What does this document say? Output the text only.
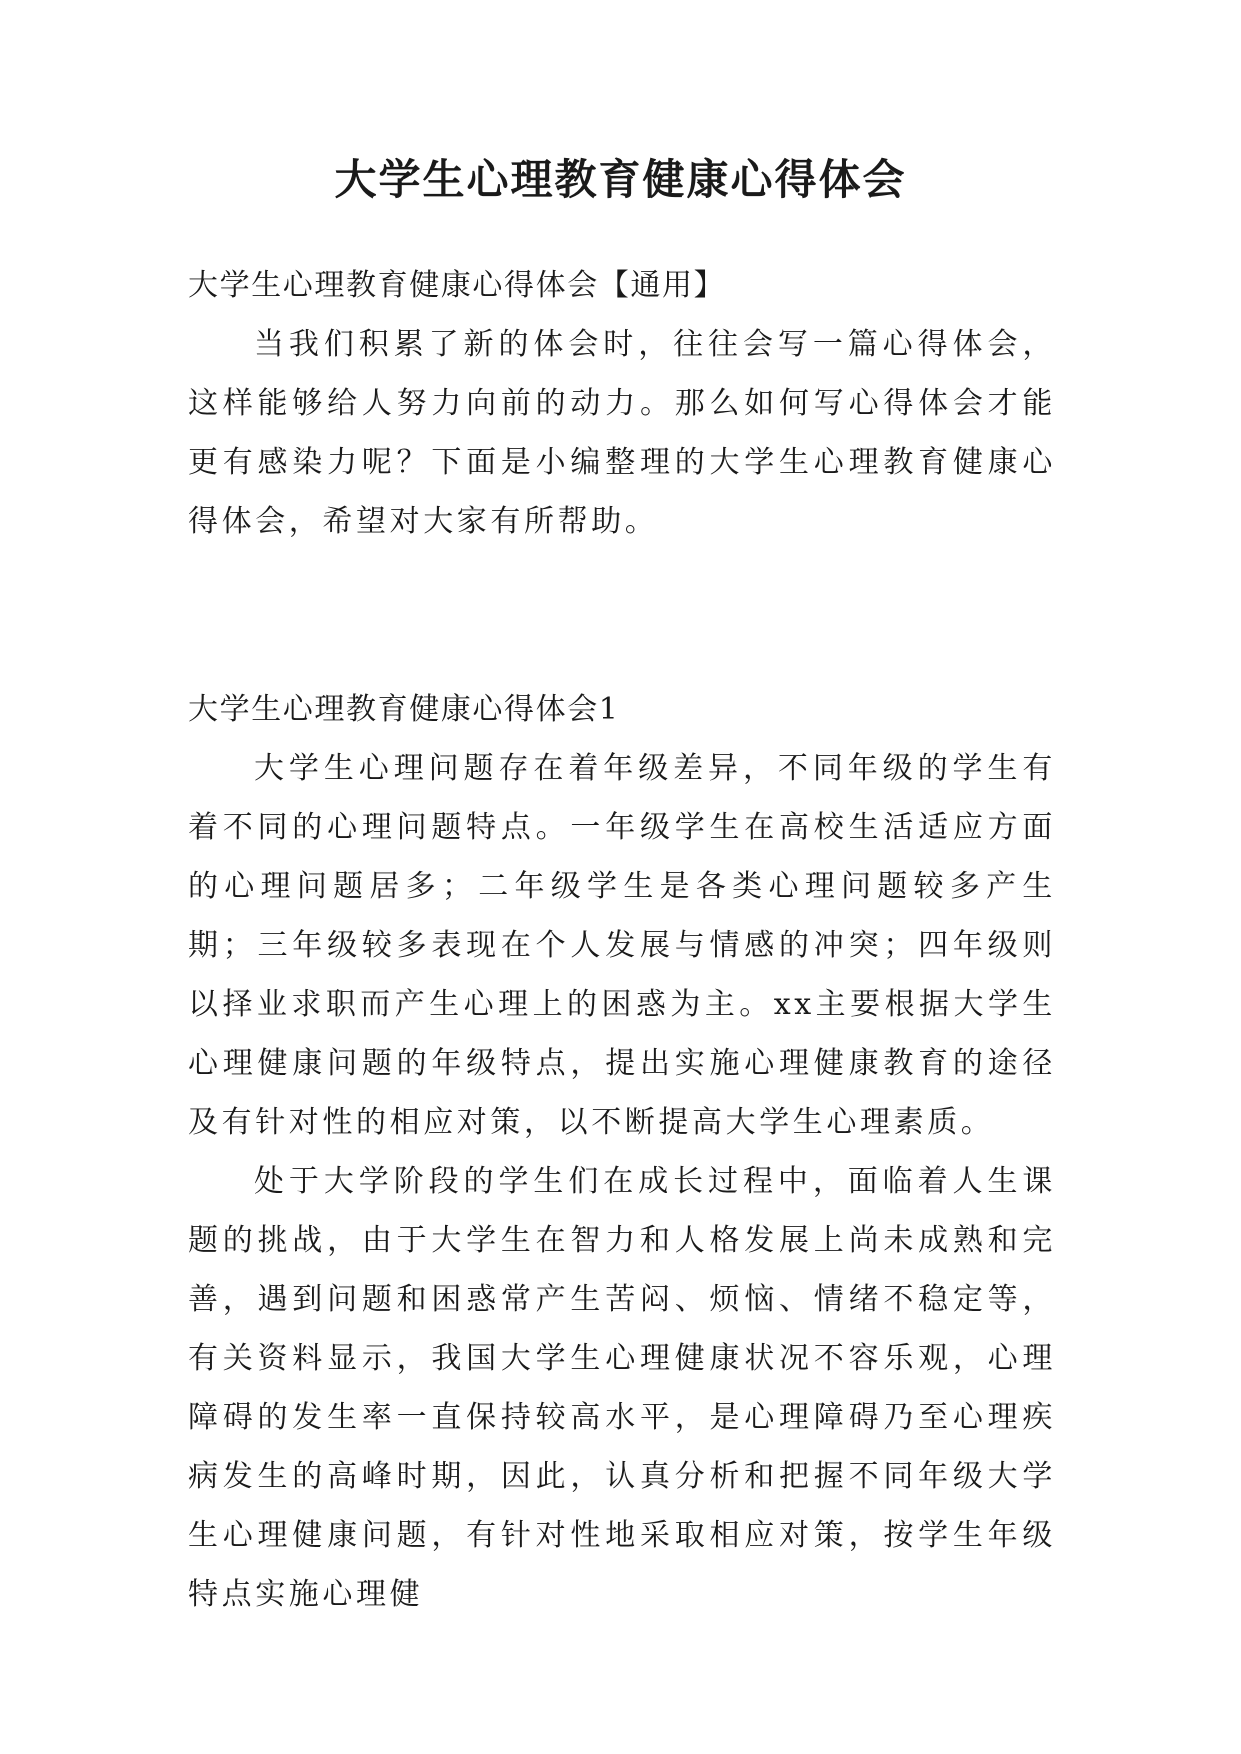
大学生心理教育健康心得体会

大学生心理教育健康心得体会【通用】

当我们积累了新的体会时，往往会写一篇心得体会，这样能够给人努力向前的动力。那么如何写心得体会才能更有感染力呢？下面是小编整理的大学生心理教育健康心得体会，希望对大家有所帮助。

大学生心理教育健康心得体会1

大学生心理问题存在着年级差异，不同年级的学生有着不同的心理问题特点。一年级学生在高校生活适应方面的心理问题居多；二年级学生是各类心理问题较多产生期；三年级较多表现在个人发展与情感的冲突；四年级则以择业求职而产生心理上的困惑为主。xx主要根据大学生心理健康问题的年级特点，提出实施心理健康教育的途径及有针对性的相应对策，以不断提高大学生心理素质。

处于大学阶段的学生们在成长过程中，面临着人生课题的挑战，由于大学生在智力和人格发展上尚未成熟和完善，遇到问题和困惑常产生苦闷、烦恼、情绪不稳定等，有关资料显示，我国大学生心理健康状况不容乐观，心理障碍的发生率一直保持较高水平，是心理障碍乃至心理疾病发生的高峰时期，因此，认真分析和把握不同年级大学生心理健康问题，有针对性地采取相应对策，按学生年级特点实施心理健
